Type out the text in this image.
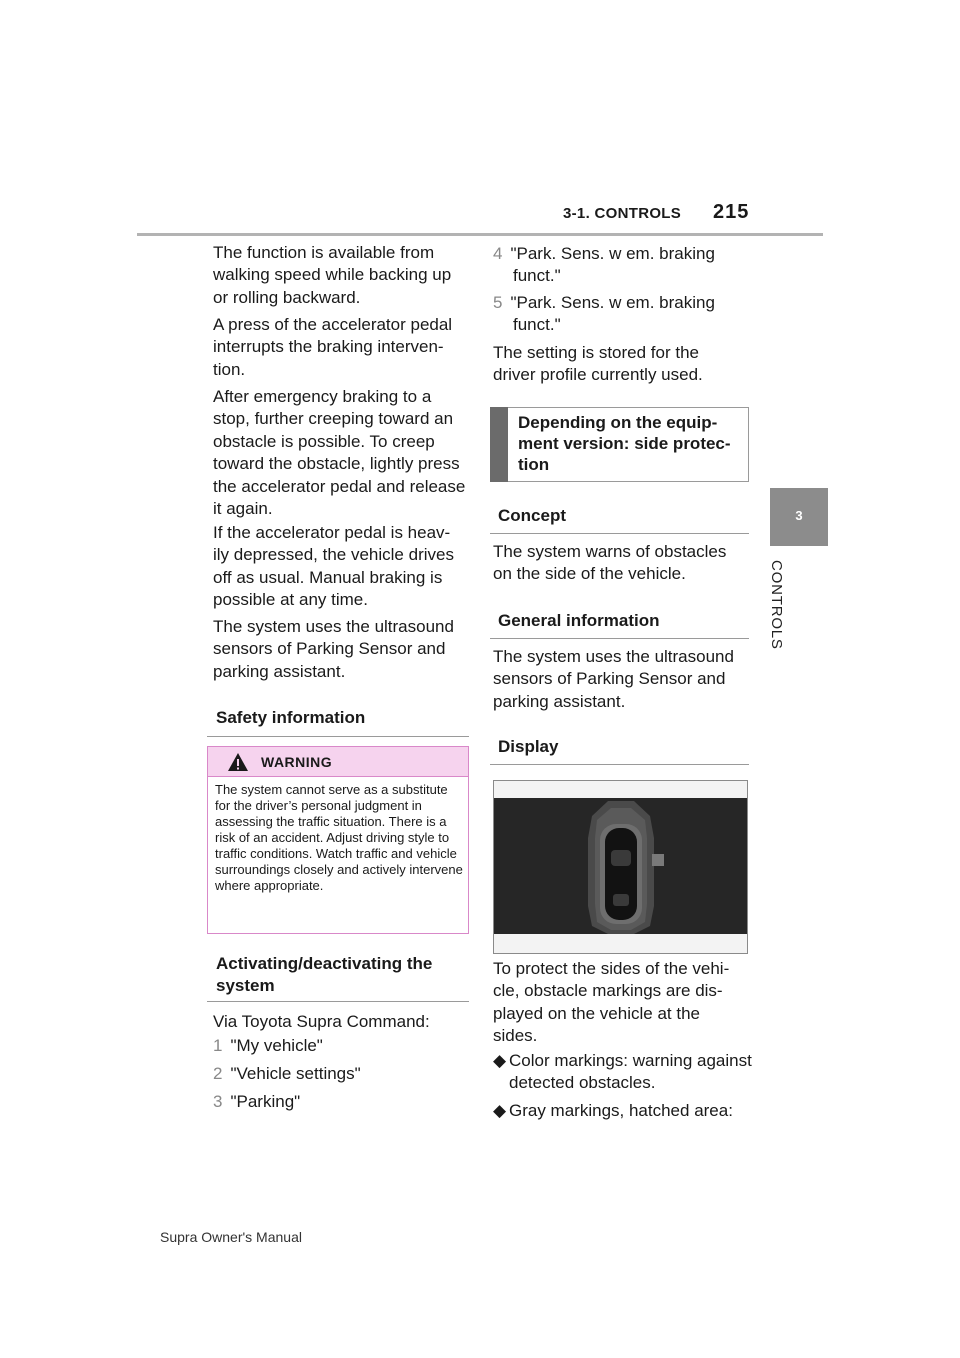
3-1. CONTROLS 215
3
CONTROLS
The function is available from walking speed while backing up or rolling backward.
A press of the accelerator pedal interrupts the braking interven- tion.
After emergency braking to a stop, further creeping toward an obstacle is possible. To creep toward the obstacle, lightly press the accelerator pedal and release it again.
If the accelerator pedal is heav- ily depressed, the vehicle drives off as usual. Manual braking is possible at any time.
The system uses the ultrasound sensors of Parking Sensor and parking assistant.
Safety information
WARNING
The system cannot serve as a substitute for the driver’s personal judgment in assessing the traffic situation. There is a risk of an accident. Adjust driving style to traffic conditions. Watch traffic and vehicle surroundings closely and actively intervene where appropriate.
Activating/deactivating the system
Via Toyota Supra Command:
1 "My vehicle"
2 "Vehicle settings"
3 "Parking"
4 "Park. Sens. w em. braking funct."
5 "Park. Sens. w em. braking funct."
The setting is stored for the driver profile currently used.
Depending on the equip- ment version: side protec- tion
Concept
The system warns of obstacles on the side of the vehicle.
General information
The system uses the ultrasound sensors of Parking Sensor and parking assistant.
Display
To protect the sides of the vehi- cle, obstacle markings are dis- played on the vehicle at the sides.
◆ Color markings: warning against detected obstacles.
◆ Gray markings, hatched area:
Supra Owner's Manual
